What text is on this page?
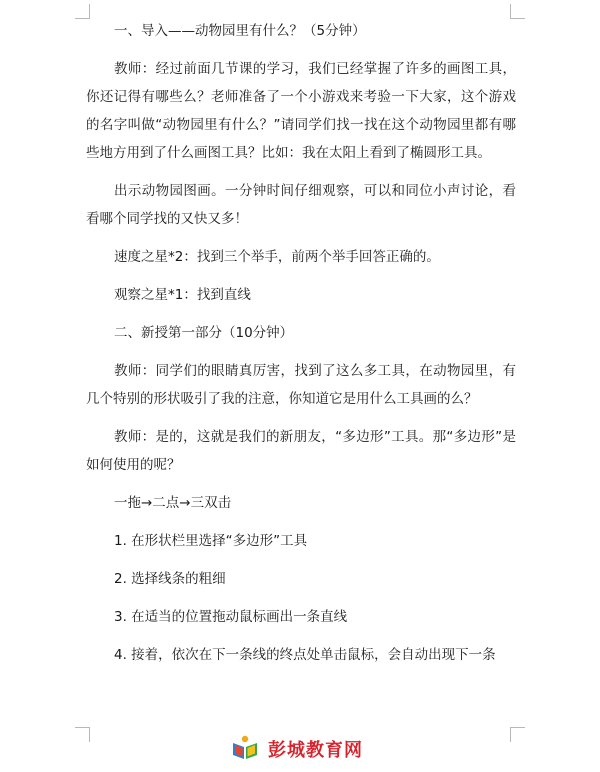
一、导入——动物园里有什么？（5分钟）

教师：经过前面几节课的学习，我们已经掌握了许多的画图工具，你还记得有哪些么？老师准备了一个小游戏来考验一下大家，这个游戏的名字叫做“动物园里有什么？”请同学们找一找在这个动物园里都有哪些地方用到了什么画图工具？比如：我在太阳上看到了椭圆形工具。

出示动物园图画。一分钟时间仔细观察，可以和同位小声讨论，看看哪个同学找的又快又多！

速度之星*2：找到三个举手，前两个举手回答正确的。

观察之星*1：找到直线

二、新授第一部分（10分钟）

教师：同学们的眼睛真厉害，找到了这么多工具，在动物园里，有几个特别的形状吸引了我的注意，你知道它是用什么工具画的么？

教师：是的，这就是我们的新朋友，“多边形”工具。那“多边形”是如何使用的呢？

一拖→二点→三双击

1. 在形状栏里选择“多边形”工具

2. 选择线条的粗细

3. 在适当的位置拖动鼠标画出一条直线

4. 接着，依次在下一条线的终点处单击鼠标，会自动出现下一条

彭城教育网
